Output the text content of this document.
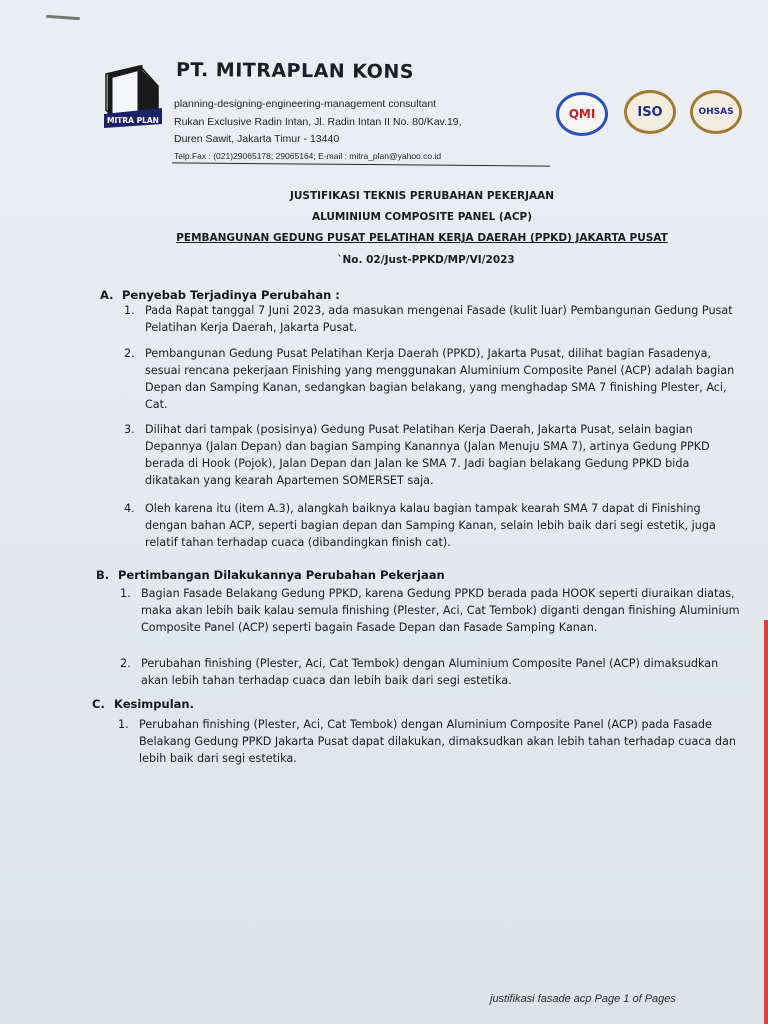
MITRA PLAN
PT. MITRAPLAN KONS
planning-designing-engineering-management consultant
Rukan Exclusive Radin Intan, Jl. Radin Intan II No. 80/Kav.19,
Duren Sawit, Jakarta Timur - 13440
Telp.Fax : (021)29065178; 29065164; E-mail : mitra_plan@yahoo.co.id
QMI	ISO	OHSAS
JUSTIFIKASI TEKNIS PERUBAHAN PEKERJAAN
ALUMINIUM COMPOSITE PANEL (ACP)
PEMBANGUNAN GEDUNG PUSAT PELATIHAN KERJA DAERAH (PPKD) JAKARTA PUSAT
`No. 02/Just-PPKD/MP/VI/2023
A. Penyebab Terjadinya Perubahan :
1. Pada Rapat tanggal 7 Juni 2023, ada masukan mengenai Fasade (kulit luar) Pembangunan Gedung Pusat Pelatihan Kerja Daerah, Jakarta Pusat.
2. Pembangunan Gedung Pusat Pelatihan Kerja Daerah (PPKD), Jakarta Pusat, dilihat bagian Fasadenya, sesuai rencana pekerjaan Finishing yang menggunakan Aluminium Composite Panel (ACP) adalah bagian Depan dan Samping Kanan, sedangkan bagian belakang, yang menghadap SMA 7 finishing Plester, Aci, Cat.
3. Dilihat dari tampak (posisinya) Gedung Pusat Pelatihan Kerja Daerah, Jakarta Pusat, selain bagian Depannya (Jalan Depan) dan bagian Samping Kanannya (Jalan Menuju SMA 7), artinya Gedung PPKD berada di Hook (Pojok), Jalan Depan dan Jalan ke SMA 7. Jadi bagian belakang Gedung PPKD bida dikatakan yang kearah Apartemen SOMERSET saja.
4. Oleh karena itu (item A.3), alangkah baiknya kalau bagian tampak kearah SMA 7 dapat di Finishing dengan bahan ACP, seperti bagian depan dan Samping Kanan, selain lebih baik dari segi estetik, juga relatif tahan terhadap cuaca (dibandingkan finish cat).
B. Pertimbangan Dilakukannya Perubahan Pekerjaan
1. Bagian Fasade Belakang Gedung PPKD, karena Gedung PPKD berada pada HOOK seperti diuraikan diatas, maka akan lebih baik kalau semula finishing (Plester, Aci, Cat Tembok) diganti dengan finishing Aluminium Composite Panel (ACP) seperti bagain Fasade Depan dan Fasade Samping Kanan.
2. Perubahan finishing (Plester, Aci, Cat Tembok) dengan Aluminium Composite Panel (ACP) dimaksudkan akan lebih tahan terhadap cuaca dan lebih baik dari segi estetika.
C. Kesimpulan.
1. Perubahan finishing (Plester, Aci, Cat Tembok) dengan Aluminium Composite Panel (ACP) pada Fasade Belakang Gedung PPKD Jakarta Pusat dapat dilakukan, dimaksudkan akan lebih tahan terhadap cuaca dan lebih baik dari segi estetika.
justifikasi fasade acp Page 1 of Pages
